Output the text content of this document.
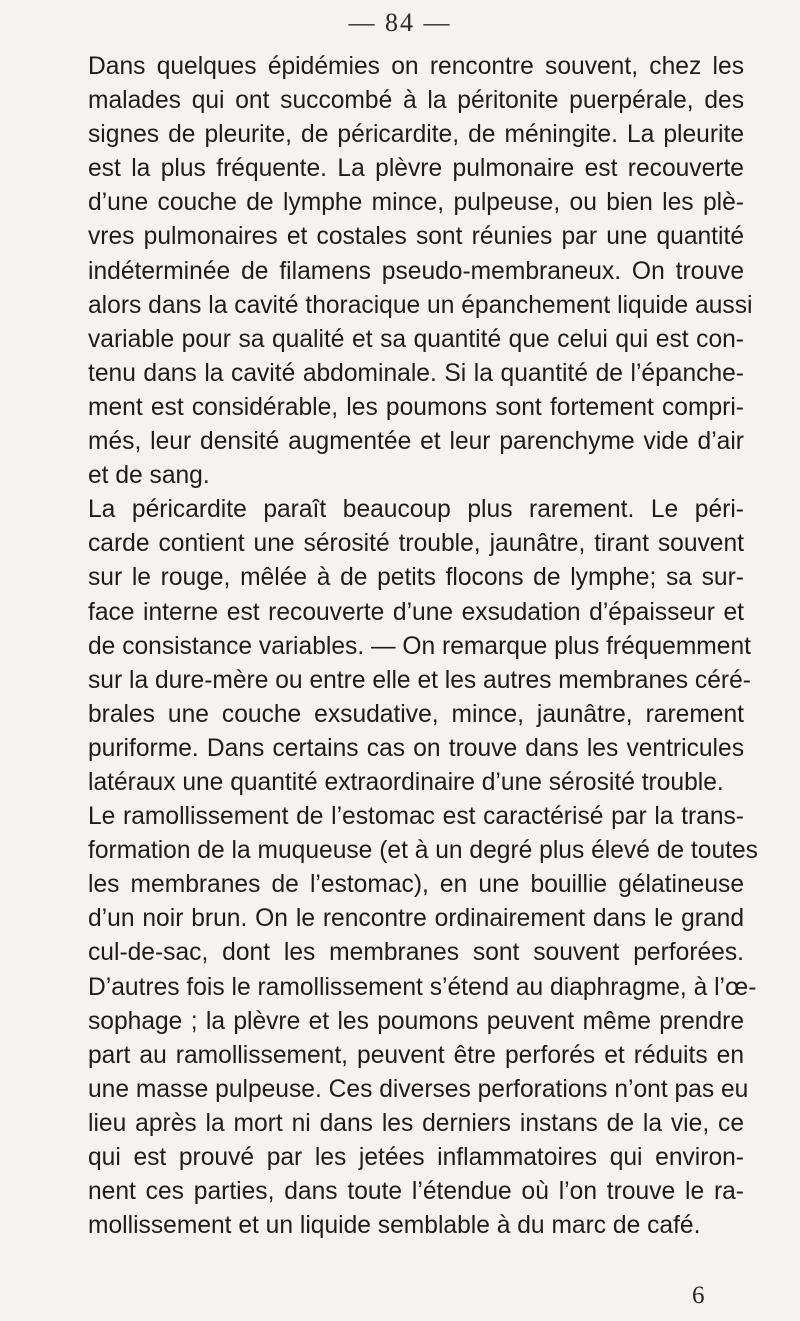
— 84 —
Dans quelques épidémies on rencontre souvent, chez les
malades qui ont succombé à la péritonite puerpérale, des
signes de pleurite, de péricardite, de méningite. La pleurite
est la plus fréquente. La plèvre pulmonaire est recouverte
d’une couche de lymphe mince, pulpeuse, ou bien les plè-
vres pulmonaires et costales sont réunies par une quantité
indéterminée de filamens pseudo-membraneux. On trouve
alors dans la cavité thoracique un épanchement liquide aussi
variable pour sa qualité et sa quantité que celui qui est con-
tenu dans la cavité abdominale. Si la quantité de l’épanche-
ment est considérable, les poumons sont fortement compri-
més, leur densité augmentée et leur parenchyme vide d’air
et de sang.
La péricardite paraît beaucoup plus rarement. Le péri-
carde contient une sérosité trouble, jaunâtre, tirant souvent
sur le rouge, mêlée à de petits flocons de lymphe; sa sur-
face interne est recouverte d’une exsudation d’épaisseur et
de consistance variables. — On remarque plus fréquemment
sur la dure-mère ou entre elle et les autres membranes céré-
brales une couche exsudative, mince, jaunâtre, rarement
puriforme. Dans certains cas on trouve dans les ventricules
latéraux une quantité extraordinaire d’une sérosité trouble.
Le ramollissement de l’estomac est caractérisé par la trans-
formation de la muqueuse (et à un degré plus élevé de toutes
les membranes de l’estomac), en une bouillie gélatineuse
d’un noir brun. On le rencontre ordinairement dans le grand
cul-de-sac, dont les membranes sont souvent perforées.
D’autres fois le ramollissement s’étend au diaphragme, à l’œ-
sophage ; la plèvre et les poumons peuvent même prendre
part au ramollissement, peuvent être perforés et réduits en
une masse pulpeuse. Ces diverses perforations n’ont pas eu
lieu après la mort ni dans les derniers instans de la vie, ce
qui est prouvé par les jetées inflammatoires qui environ-
nent ces parties, dans toute l’étendue où l’on trouve le ra-
mollissement et un liquide semblable à du marc de café.
6
